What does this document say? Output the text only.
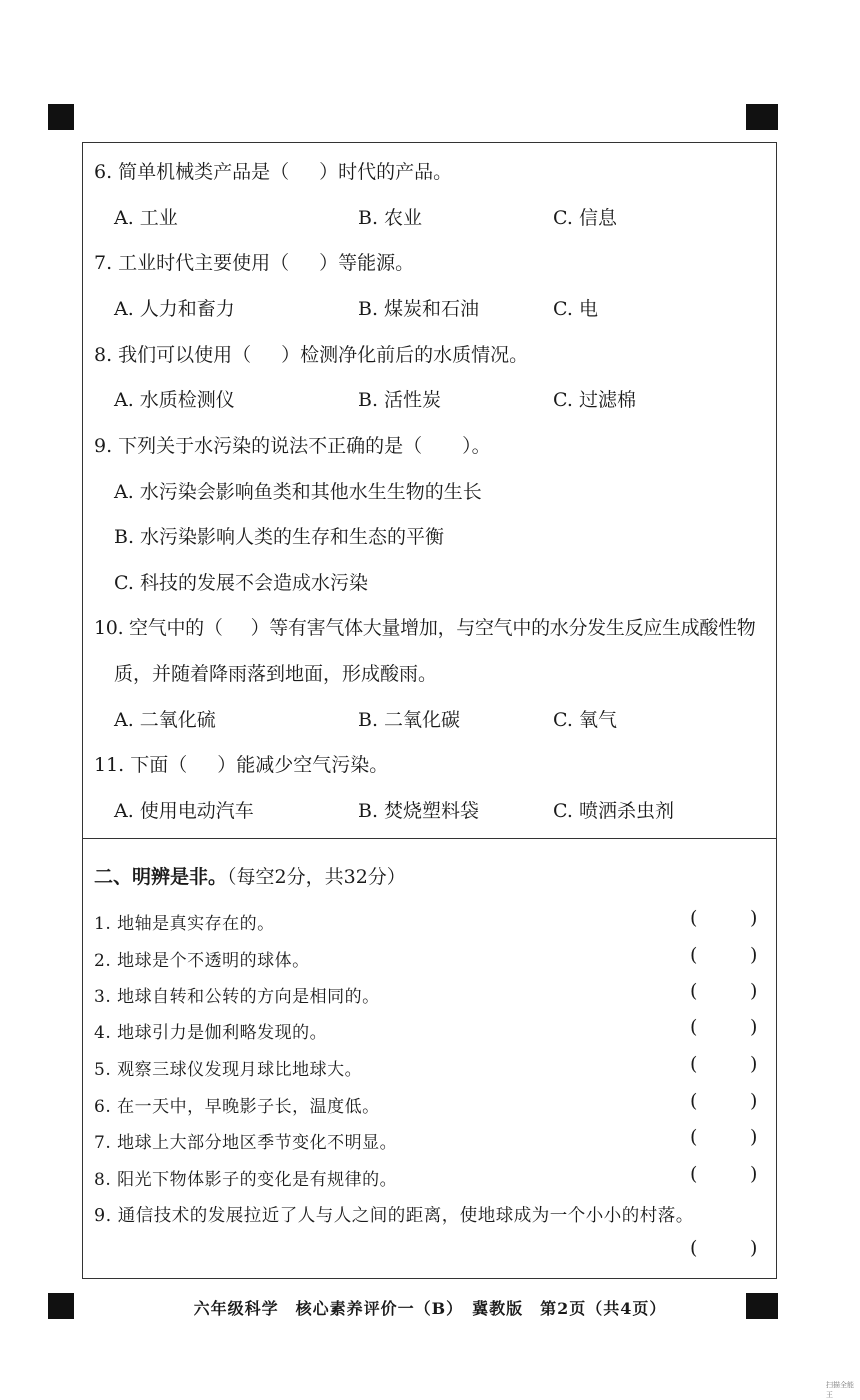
6. 简单机械类产品是（ ）时代的产品。
A. 工业	B. 农业	C. 信息
7. 工业时代主要使用（ ）等能源。
A. 人力和畜力	B. 煤炭和石油	C. 电
8. 我们可以使用（ ）检测净化前后的水质情况。
A. 水质检测仪	B. 活性炭	C. 过滤棉
9. 下列关于水污染的说法不正确的是（ ）。
A. 水污染会影响鱼类和其他水生生物的生长
B. 水污染影响人类的生存和生态的平衡
C. 科技的发展不会造成水污染
10. 空气中的（ ）等有害气体大量增加，与空气中的水分发生反应生成酸性物
质，并随着降雨落到地面，形成酸雨。
A. 二氧化硫	B. 二氧化碳	C. 氧气
11. 下面（ ）能减少空气污染。
A. 使用电动汽车	B. 焚烧塑料袋	C. 喷洒杀虫剂
二、明辨是非。（每空2分，共32分）
1. 地轴是真实存在的。	(	)
2. 地球是个不透明的球体。	(	)
3. 地球自转和公转的方向是相同的。	(	)
4. 地球引力是伽利略发现的。	(	)
5. 观察三球仪发现月球比地球大。	(	)
6. 在一天中，早晚影子长，温度低。	(	)
7. 地球上大部分地区季节变化不明显。	(	)
8. 阳光下物体影子的变化是有规律的。	(	)
9. 通信技术的发展拉近了人与人之间的距离，使地球成为一个小小的村落。
(	)
六年级科学　核心素养评价一（B）　冀教版　第2页（共4页）
扫描全能王
